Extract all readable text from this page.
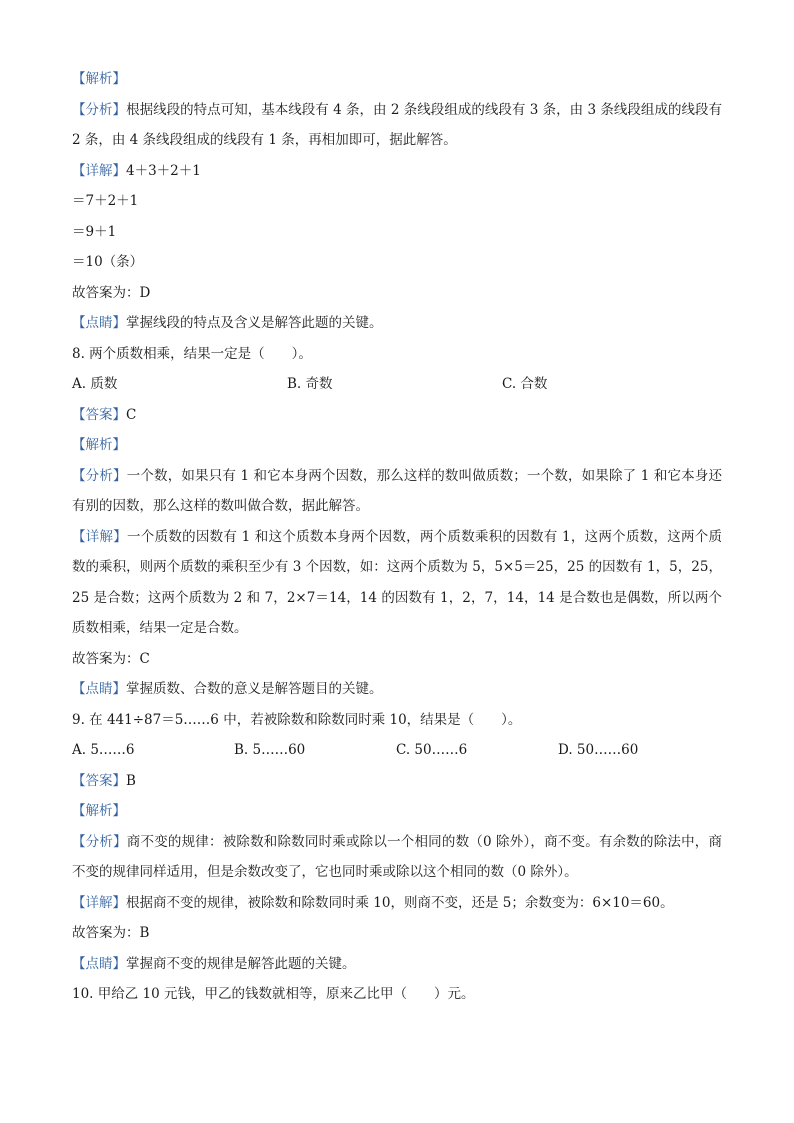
【解析】
【分析】根据线段的特点可知，基本线段有 4 条，由 2 条线段组成的线段有 3 条，由 3 条线段组成的线段有 2 条，由 4 条线段组成的线段有 1 条，再相加即可，据此解答。
【详解】4＋3＋2＋1
＝7＋2＋1
＝9＋1
＝10（条）
故答案为：D
【点睛】掌握线段的特点及含义是解答此题的关键。
8. 两个质数相乘，结果一定是（　　）。
A. 质数	B. 奇数	C. 合数
【答案】C
【解析】
【分析】一个数，如果只有 1 和它本身两个因数，那么这样的数叫做质数；一个数，如果除了 1 和它本身还有别的因数，那么这样的数叫做合数，据此解答。
【详解】一个质数的因数有 1 和这个质数本身两个因数，两个质数乘积的因数有 1，这两个质数，这两个质数的乘积，则两个质数的乘积至少有 3 个因数，如：这两个质数为 5，5×5＝25，25 的因数有 1，5，25，25 是合数；这两个质数为 2 和 7，2×7＝14，14 的因数有 1，2，7，14，14 是合数也是偶数，所以两个质数相乘，结果一定是合数。
故答案为：C
【点睛】掌握质数、合数的意义是解答题目的关键。
9. 在 441÷87＝5……6 中，若被除数和除数同时乘 10，结果是（　　）。
A. 5……6	B. 5……60	C. 50……6	D. 50……60
【答案】B
【解析】
【分析】商不变的规律：被除数和除数同时乘或除以一个相同的数（0 除外），商不变。有余数的除法中，商不变的规律同样适用，但是余数改变了，它也同时乘或除以这个相同的数（0 除外）。
【详解】根据商不变的规律，被除数和除数同时乘 10，则商不变，还是 5；余数变为：6×10＝60。
故答案为：B
【点睛】掌握商不变的规律是解答此题的关键。
10. 甲给乙 10 元钱，甲乙的钱数就相等，原来乙比甲（　　）元。
